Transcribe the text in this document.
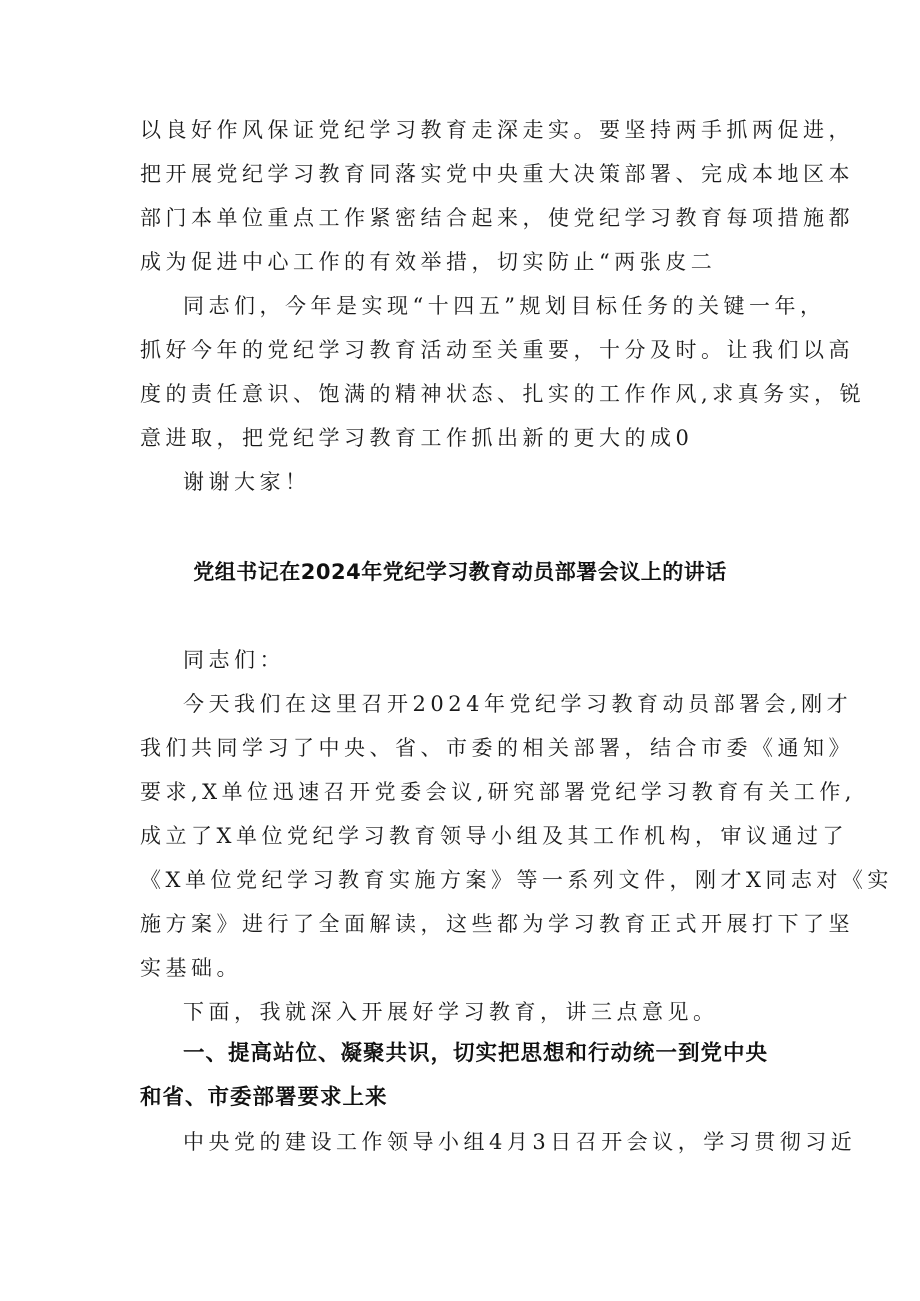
以良好作风保证党纪学习教育走深走实。要坚持两手抓两促进，
把开展党纪学习教育同落实党中央重大决策部署、完成本地区本
部门本单位重点工作紧密结合起来，使党纪学习教育每项措施都
成为促进中心工作的有效举措，切实防止“两张皮二
同志们，今年是实现“十四五”规划目标任务的关键一年，
抓好今年的党纪学习教育活动至关重要，十分及时。让我们以高
度的责任意识、饱满的精神状态、扎实的工作作风,求真务实，锐
意进取，把党纪学习教育工作抓出新的更大的成0
谢谢大家！
党组书记在2024年党纪学习教育动员部署会议上的讲话
同志们：
今天我们在这里召开2024年党纪学习教育动员部署会,刚才
我们共同学习了中央、省、市委的相关部署，结合市委《通知》
要求,X单位迅速召开党委会议,研究部署党纪学习教育有关工作,
成立了X单位党纪学习教育领导小组及其工作机构，审议通过了
《X单位党纪学习教育实施方案》等一系列文件，刚才X同志对《实
施方案》进行了全面解读，这些都为学习教育正式开展打下了坚
实基础。
下面，我就深入开展好学习教育，讲三点意见。
一、提高站位、凝聚共识，切实把思想和行动统一到党中央
和省、市委部署要求上来
中央党的建设工作领导小组4月3日召开会议，学习贯彻习近
